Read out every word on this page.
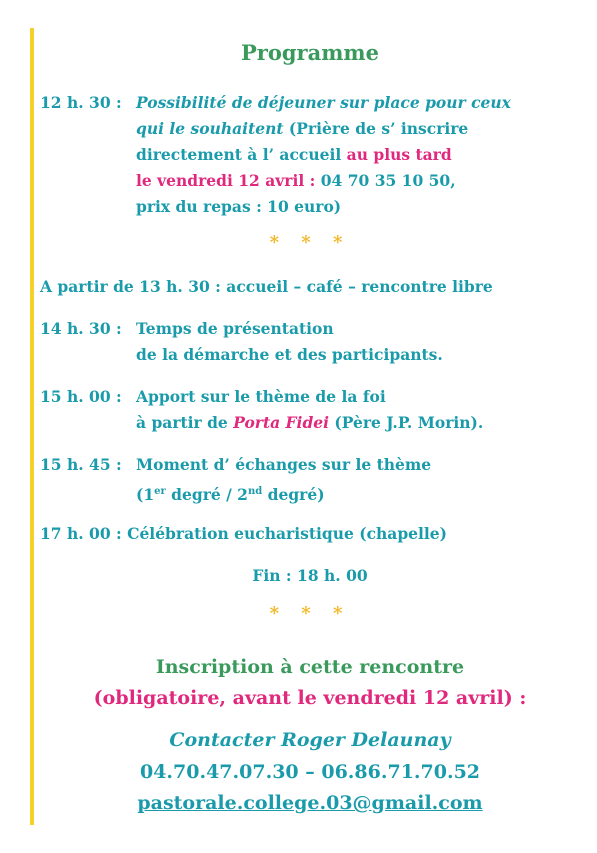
Programme
12 h. 30 : Possibilité de déjeuner sur place pour ceux
qui le souhaitent (Prière de s’ inscrire
directement à l’ accueil au plus tard
le vendredi 12 avril : 04 70 35 10 50,
prix du repas : 10 euro)
* * *
A partir de 13 h. 30 : accueil – café – rencontre libre
14 h. 30 : Temps de présentation
de la démarche et des participants.
15 h. 00 : Apport sur le thème de la foi
à partir de Porta Fidei (Père J.P. Morin).
15 h. 45 : Moment d’ échanges sur le thème
(1er degré / 2nd degré)
17 h. 00 : Célébration eucharistique (chapelle)
Fin : 18 h. 00
* * *
Inscription à cette rencontre
(obligatoire, avant le vendredi 12 avril) :
Contacter Roger Delaunay
04.70.47.07.30 – 06.86.71.70.52
pastorale.college.03@gmail.com
